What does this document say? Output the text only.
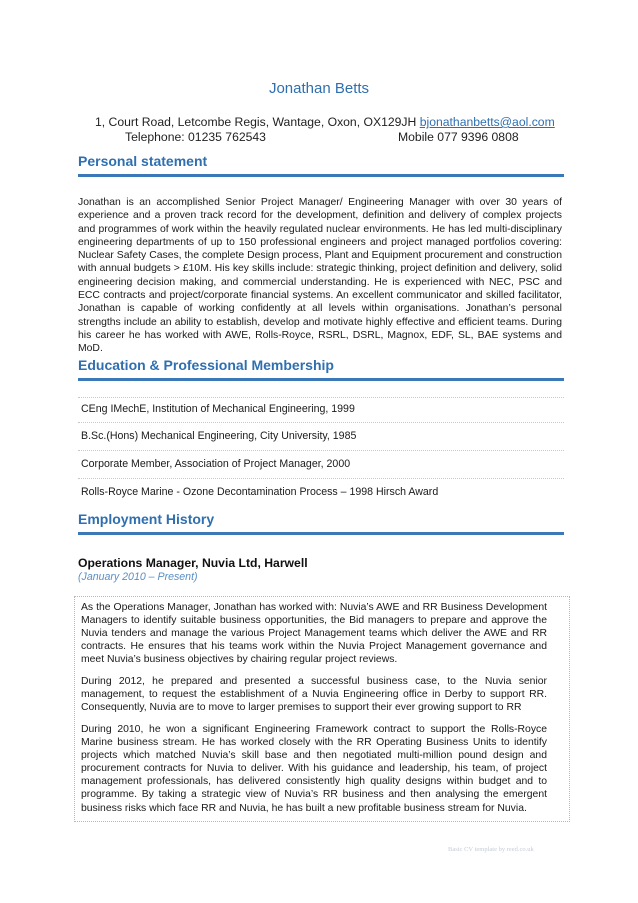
Jonathan Betts
1, Court Road, Letcombe Regis, Wantage, Oxon, OX129JH bjonathanbetts@aol.com
Telephone: 01235 762543	Mobile 077 9396 0808
Personal statement
Jonathan is an accomplished Senior Project Manager/ Engineering Manager with over 30 years of experience and a proven track record for the development, definition and delivery of complex projects and programmes of work within the heavily regulated nuclear environments. He has led multi-disciplinary engineering departments of up to 150 professional engineers and project managed portfolios covering: Nuclear Safety Cases, the complete Design process, Plant and Equipment procurement and construction with annual budgets > £10M. His key skills include: strategic thinking, project definition and delivery, solid engineering decision making, and commercial understanding. He is experienced with NEC, PSC and ECC contracts and project/corporate financial systems. An excellent communicator and skilled facilitator, Jonathan is capable of working confidently at all levels within organisations. Jonathan’s personal strengths include an ability to establish, develop and motivate highly effective and efficient teams. During his career he has worked with AWE, Rolls-Royce, RSRL, DSRL, Magnox, EDF, SL, BAE systems and MoD.
Education & Professional Membership
CEng IMechE, Institution of Mechanical Engineering, 1999
B.Sc.(Hons) Mechanical Engineering, City University, 1985
Corporate Member, Association of Project Manager, 2000
Rolls-Royce Marine - Ozone Decontamination Process – 1998 Hirsch Award
Employment History
Operations Manager, Nuvia Ltd, Harwell
(January 2010 – Present)
As the Operations Manager, Jonathan has worked with: Nuvia’s AWE and RR Business Development Managers to identify suitable business opportunities, the Bid managers to prepare and approve the Nuvia tenders and manage the various Project Management teams which deliver the AWE and RR contracts. He ensures that his teams work within the Nuvia Project Management governance and meet Nuvia’s business objectives by chairing regular project reviews.
During 2012, he prepared and presented a successful business case, to the Nuvia senior management, to request the establishment of a Nuvia Engineering office in Derby to support RR. Consequently, Nuvia are to move to larger premises to support their ever growing support to RR
During 2010, he won a significant Engineering Framework contract to support the Rolls-Royce Marine business stream. He has worked closely with the RR Operating Business Units to identify projects which matched Nuvia’s skill base and then negotiated multi-million pound design and procurement contracts for Nuvia to deliver. With his guidance and leadership, his team, of project management professionals, has delivered consistently high quality designs within budget and to programme. By taking a strategic view of Nuvia’s RR business and then analysing the emergent business risks which face RR and Nuvia, he has built a new profitable business stream for Nuvia.
Basic CV template by reed.co.uk
